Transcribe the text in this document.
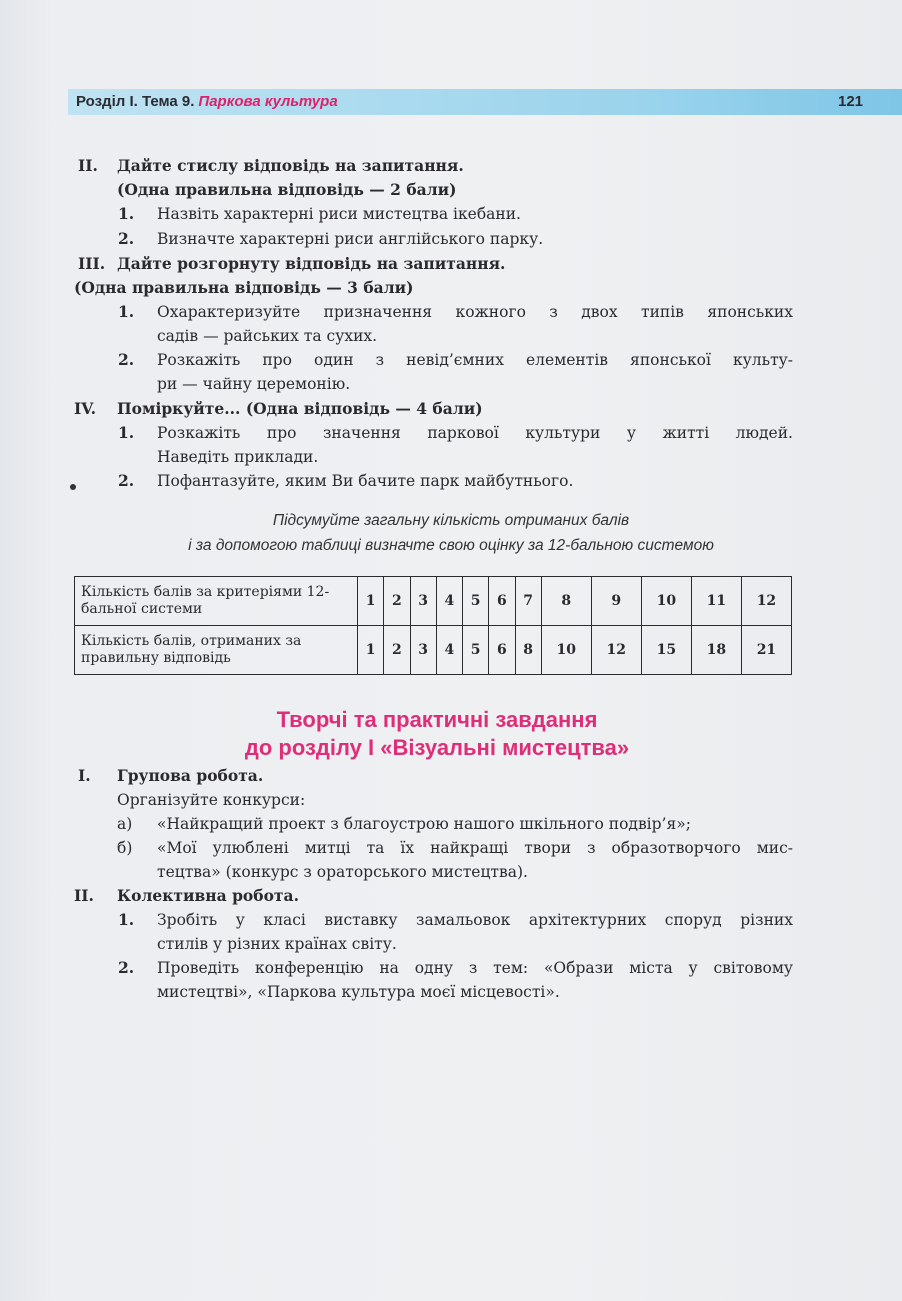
Розділ І. Тема 9. Паркова культура	121
II. Дайте стислу відповідь на запитання.
(Одна правильна відповідь — 2 бали)
1. Назвіть характерні риси мистецтва ікебани.
2. Визначте характерні риси англійського парку.
III. Дайте розгорнуту відповідь на запитання.
(Одна правильна відповідь — 3 бали)
1. Охарактеризуйте призначення кожного з двох типів японських
садів — райських та сухих.
2. Розкажіть про один з невід’ємних елементів японської культу-
ри — чайну церемонію.
IV. Поміркуйте... (Одна відповідь — 4 бали)
1. Розкажіть про значення паркової культури у житті людей.
Наведіть приклади.
2. Пофантазуйте, яким Ви бачите парк майбутнього.
Підсумуйте загальну кількість отриманих балів
і за допомогою таблиці визначте свою оцінку за 12-бальною системою
Кількість балів за критеріями 12-бальної системи	1	2	3	4	5	6	7	8	9	10	11	12
Кількість балів, отриманих за правильну відповідь	1	2	3	4	5	6	8	10	12	15	18	21
Творчі та практичні завдання
до розділу І «Візуальні мистецтва»
I. Групова робота.
Організуйте конкурси:
а) «Найкращий проект з благоустрою нашого шкільного подвір’я»;
б) «Мої улюблені митці та їх найкращі твори з образотворчого мис-
тецтва» (конкурс з ораторського мистецтва).
II. Колективна робота.
1. Зробіть у класі виставку замальовок архітектурних споруд різних
стилів у різних країнах світу.
2. Проведіть конференцію на одну з тем: «Образи міста у світовому
мистецтві», «Паркова культура моєї місцевості».
